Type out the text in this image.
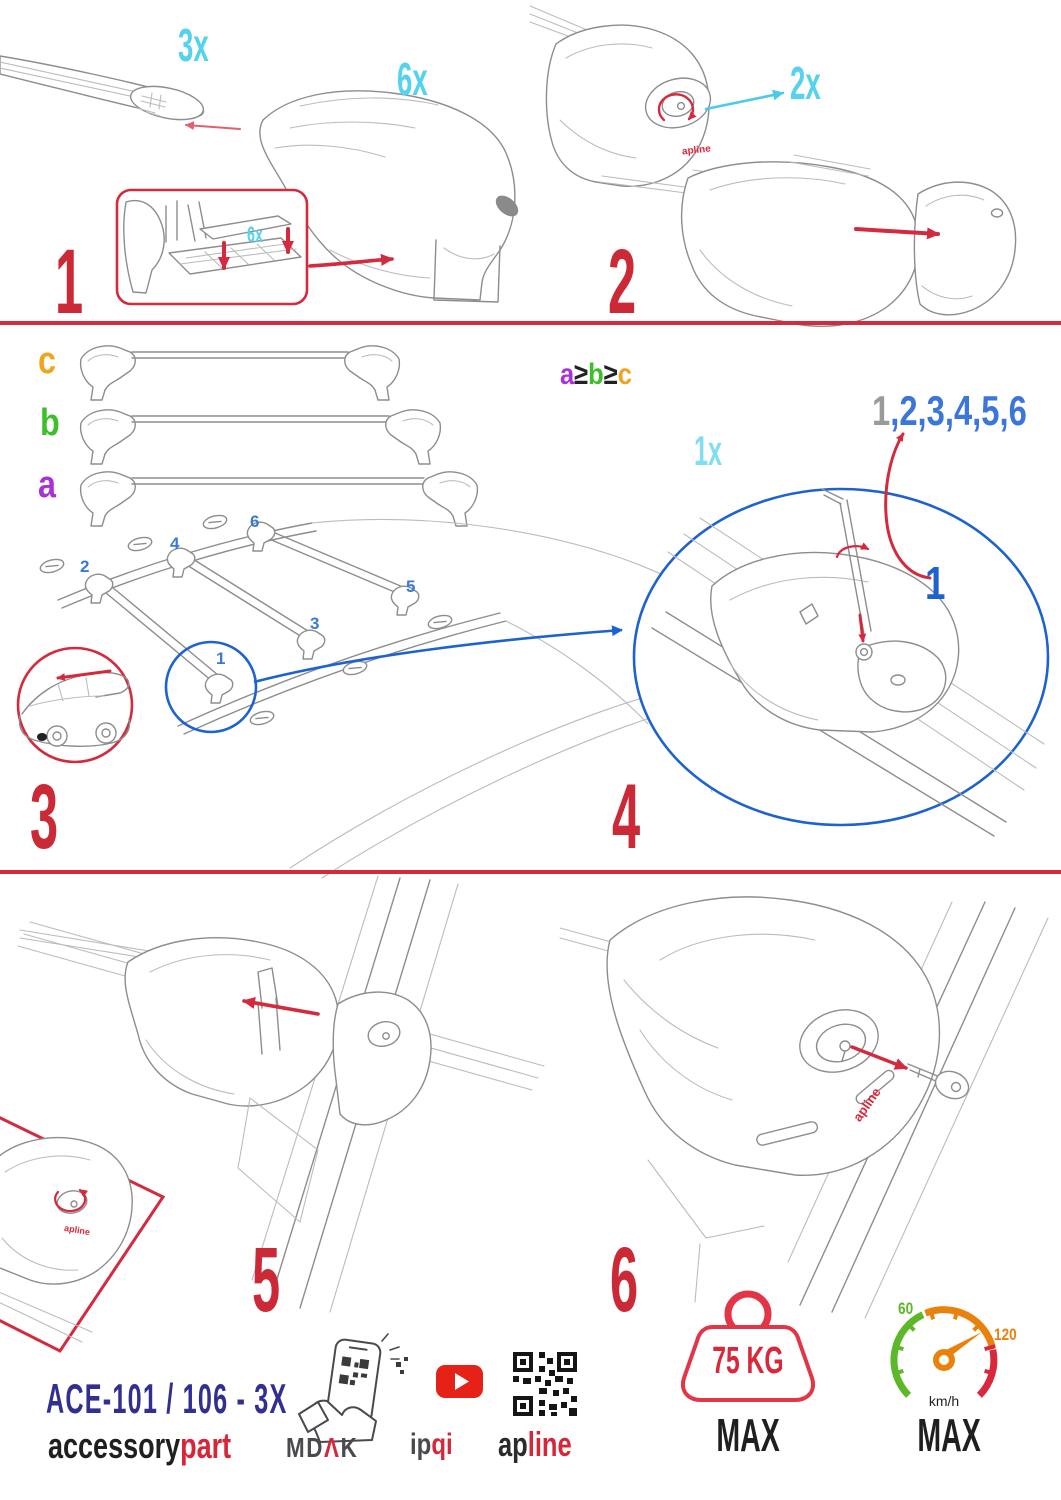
3x
6x
6x
1
2x
apline
2
c
b
a
a≥b≥c
1
2
3
4
5
6
3
1,2,3,4,5,6
1x
1
4
apline 5
apline
6
ACE-101 / 106 - 3X
accessorypart	MDΛK	ipqi	apline
75 KG
MAX
60
120
km/h
MAX
